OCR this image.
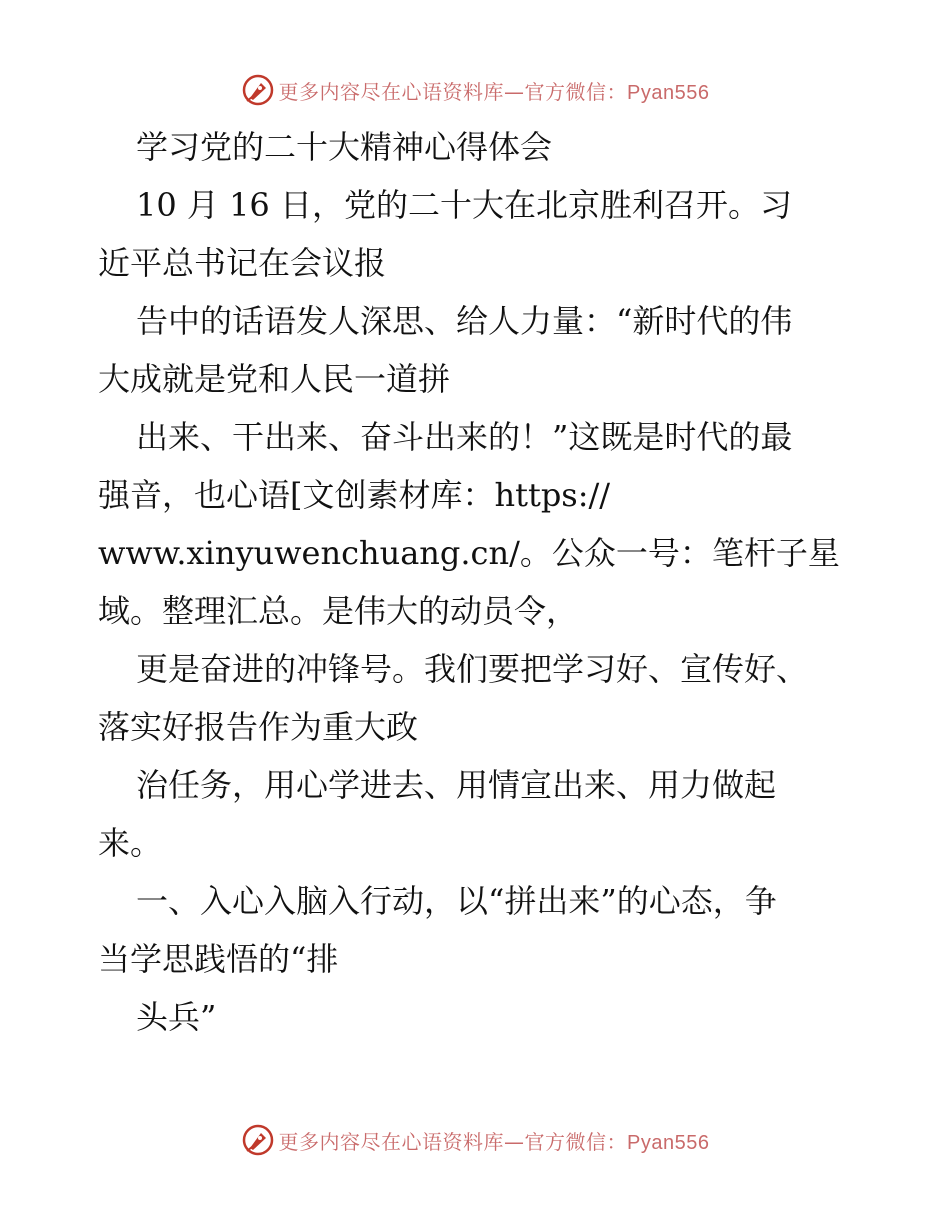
更多内容尽在心语资料库—官方微信：Pyan556
学习党的二十大精神心得体会
10 月 16 日，党的二十大在北京胜利召开。习
近平总书记在会议报
告中的话语发人深思、给人力量：“新时代的伟
大成就是党和人民一道拼
出来、干出来、奋斗出来的！”这既是时代的最
强音，也心语[文创素材库：https://
www.xinyuwenchuang.cn/。公众一号：笔杆子星
域。整理汇总。是伟大的动员令，
更是奋进的冲锋号。我们要把学习好、宣传好、
落实好报告作为重大政
治任务，用心学进去、用情宣出来、用力做起
来。
一、入心入脑入行动，以“拼出来”的心态，争
当学思践悟的“排
头兵”
更多内容尽在心语资料库—官方微信：Pyan556
